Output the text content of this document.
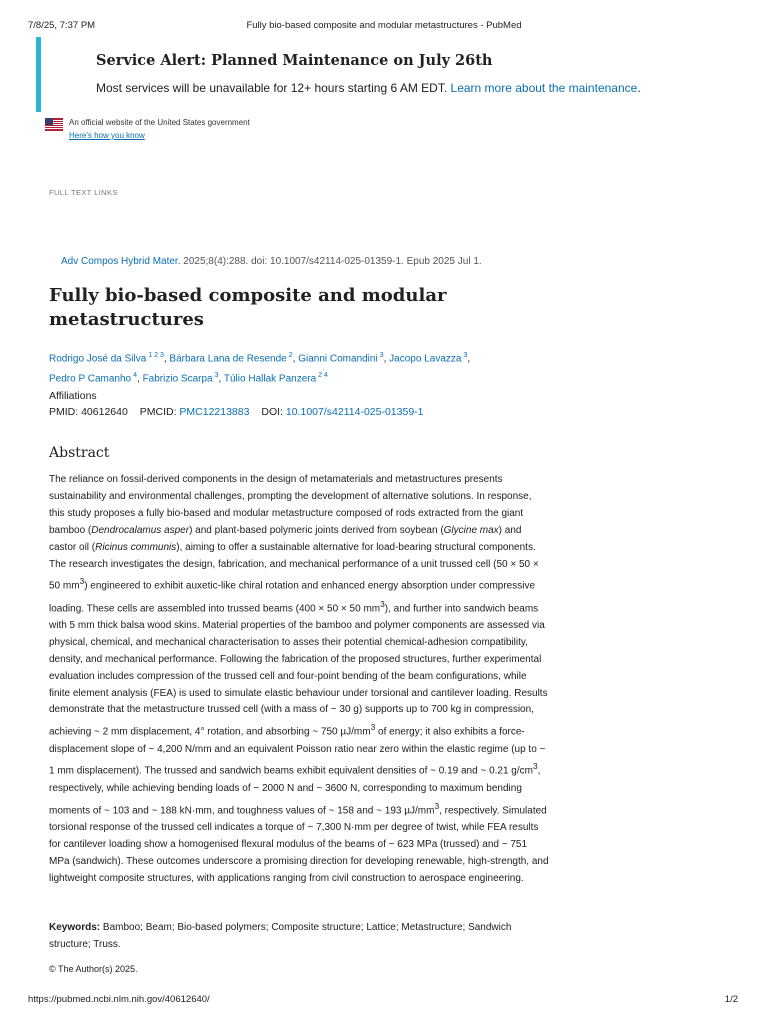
7/8/25, 7:37 PM	Fully bio-based composite and modular metastructures - PubMed
Service Alert: Planned Maintenance on July 26th
Most services will be unavailable for 12+ hours starting 6 AM EDT. Learn more about the maintenance.
An official website of the United States government
Here's how you know
FULL TEXT LINKS
Adv Compos Hybrid Mater. 2025;8(4):288. doi: 10.1007/s42114-025-01359-1. Epub 2025 Jul 1.
Fully bio-based composite and modular metastructures
Rodrigo José da Silva $^{1 2 3}$, Bárbara Lana de Resende $^2$, Gianni Comandini $^3$, Jacopo Lavazza $^3$,
Pedro P Camanho $^4$, Fabrizio Scarpa $^3$, Túlio Hallak Panzera $^{2 4}$
Affiliations
PMID: 40612640 PMCID: PMC12213883 DOI: 10.1007/s42114-025-01359-1
Abstract

The reliance on fossil-derived components in the design of metamaterials and metastructures presents sustainability and environmental challenges, prompting the development of alternative solutions. In response, this study proposes a fully bio-based and modular metastructure composed of rods extracted from the giant bamboo (Dendrocalamus asper) and plant-based polymeric joints derived from soybean (Glycine max) and castor oil (Ricinus communis), aiming to offer a sustainable alternative for load-bearing structural components. The research investigates the design, fabrication, and mechanical performance of a unit trussed cell (50 × 50 × 50 $mm^3$) engineered to exhibit auxetic-like chiral rotation and enhanced energy absorption under compressive loading. These cells are assembled into trussed beams (400 × 50 × 50 $mm^3$), and further into sandwich beams with 5 mm thick balsa wood skins. Material properties of the bamboo and polymer components are assessed via physical, chemical, and mechanical characterisation to asses their potential chemical-adhesion compatibility, density, and mechanical performance. Following the fabrication of the proposed structures, further experimental evaluation includes compression of the trussed cell and four-point bending of the beam configurations, while finite element analysis (FEA) is used to simulate elastic behaviour under torsional and cantilever loading. Results demonstrate that the metastructure trussed cell (with a mass of ~ 30 g) supports up to 700 kg in compression, achieving ~ 2 mm displacement, 4° rotation, and absorbing ~ 750 $\mu J/mm^3$ of energy; it also exhibits a force-displacement slope of ~ 4,200 N/mm and an equivalent Poisson ratio near zero within the elastic regime (up to ~ 1 mm displacement). The trussed and sandwich beams exhibit equivalent densities of ~ 0.19 and ~ 0.21 $g/cm^3$, respectively, while achieving bending loads of ~ 2000 N and ~ 3600 N, corresponding to maximum bending moments of ~ 103 and ~ 188 kN·mm, and toughness values of ~ 158 and ~ 193 $\mu J/mm^3$, respectively. Simulated torsional response of the trussed cell indicates a torque of ~ 7,300 N·mm per degree of twist, while FEA results for cantilever loading show a homogenised flexural modulus of the beams of ~ 623 MPa (trussed) and ~ 751 MPa (sandwich). These outcomes underscore a promising direction for developing renewable, high-strength, and lightweight composite structures, with applications ranging from civil construction to aerospace engineering.

Keywords: Bamboo; Beam; Bio-based polymers; Composite structure; Lattice; Metastructure; Sandwich structure; Truss.
© The Author(s) 2025.
https://pubmed.ncbi.nlm.nih.gov/40612640/	1/2
